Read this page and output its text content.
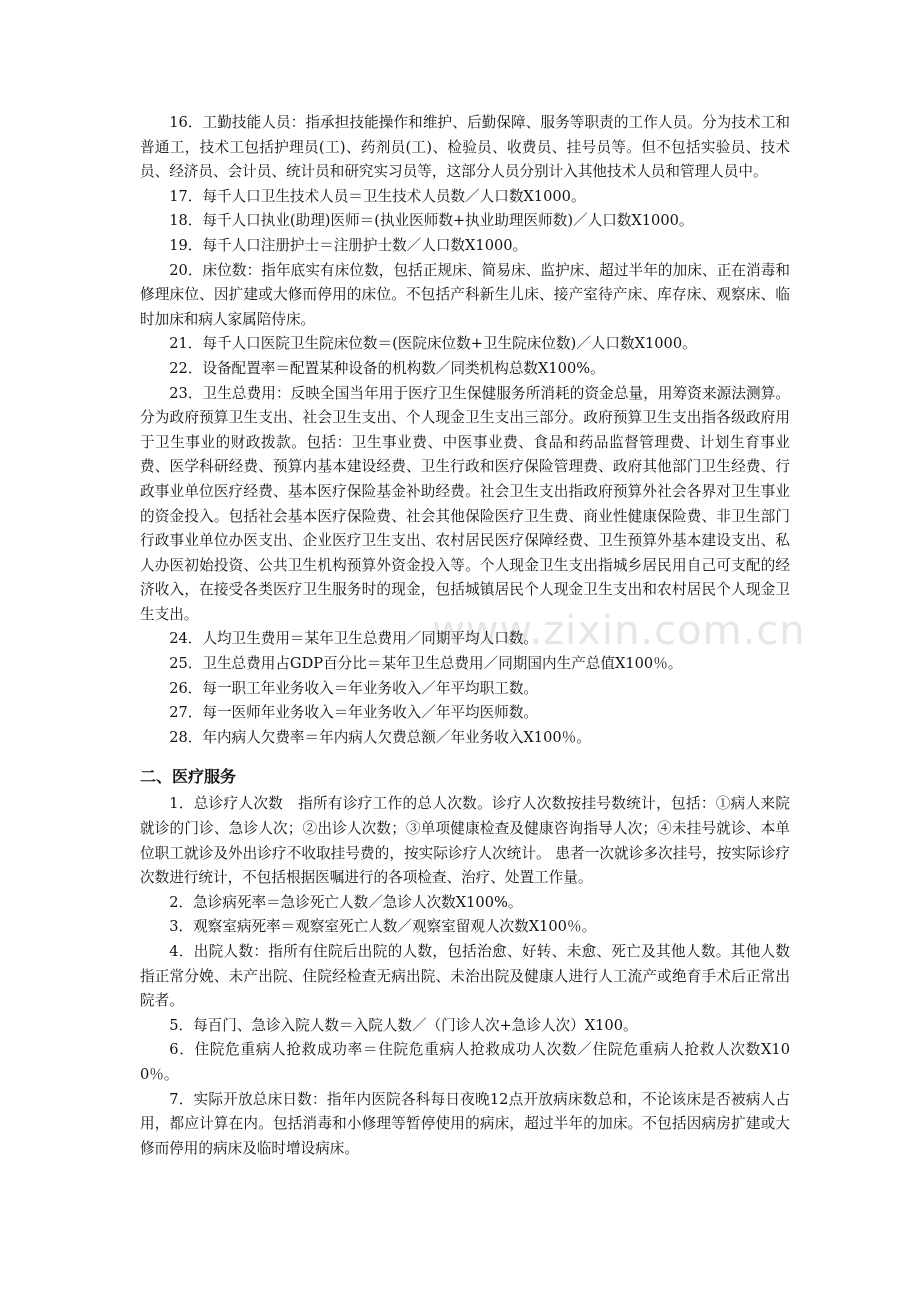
www.zixin.com.cn

16．工勤技能人员：指承担技能操作和维护、后勤保障、服务等职责的工作人员。分为技术工和普通工，技术工包括护理员(工)、药剂员(工)、检验员、收费员、挂号员等。但不包括实验员、技术员、经济员、会计员、统计员和研究实习员等，这部分人员分别计入其他技术人员和管理人员中。

17．每千人口卫生技术人员＝卫生技术人员数／人口数X1000。

18．每千人口执业(助理)医师＝(执业医师数+执业助理医师数)／人口数X1000。

19．每千人口注册护士＝注册护士数／人口数X1000。

20．床位数：指年底实有床位数，包括正规床、简易床、监护床、超过半年的加床、正在消毒和修理床位、因扩建或大修而停用的床位。不包括产科新生儿床、接产室待产床、库存床、观察床、临时加床和病人家属陪侍床。

21．每千人口医院卫生院床位数＝(医院床位数+卫生院床位数)／人口数X1000。

22．设备配置率＝配置某种设备的机构数／同类机构总数X100%。

23．卫生总费用：反映全国当年用于医疗卫生保健服务所消耗的资金总量，用筹资来源法测算。分为政府预算卫生支出、社会卫生支出、个人现金卫生支出三部分。政府预算卫生支出指各级政府用于卫生事业的财政拨款。包括：卫生事业费、中医事业费、食品和药品监督管理费、计划生育事业费、医学科研经费、预算内基本建设经费、卫生行政和医疗保险管理费、政府其他部门卫生经费、行政事业单位医疗经费、基本医疗保险基金补助经费。社会卫生支出指政府预算外社会各界对卫生事业的资金投入。包括社会基本医疗保险费、社会其他保险医疗卫生费、商业性健康保险费、非卫生部门行政事业单位办医支出、企业医疗卫生支出、农村居民医疗保障经费、卫生预算外基本建设支出、私人办医初始投资、公共卫生机构预算外资金投入等。个人现金卫生支出指城乡居民用自己可支配的经济收入，在接受各类医疗卫生服务时的现金，包括城镇居民个人现金卫生支出和农村居民个人现金卫生支出。

24．人均卫生费用＝某年卫生总费用／同期平均人口数。

25．卫生总费用占GDP百分比＝某年卫生总费用／同期国内生产总值X100％。

26．每一职工年业务收入＝年业务收入／年平均职工数。

27．每一医师年业务收入＝年业务收入／年平均医师数。

28．年内病人欠费率＝年内病人欠费总额／年业务收入X100％。

二、医疗服务

1．总诊疗人次数　指所有诊疗工作的总人次数。诊疗人次数按挂号数统计，包括：①病人来院就诊的门诊、急诊人次；②出诊人次数；③单项健康检查及健康咨询指导人次；④未挂号就诊、本单位职工就诊及外出诊疗不收取挂号费的，按实际诊疗人次统计。 患者一次就诊多次挂号，按实际诊疗次数进行统计，不包括根据医嘱进行的各项检查、治疗、处置工作量。

2．急诊病死率＝急诊死亡人数／急诊人次数X100%。

3．观察室病死率＝观察室死亡人数／观察室留观人次数X100％。

4．出院人数：指所有住院后出院的人数，包括治愈、好转、未愈、死亡及其他人数。其他人数指正常分娩、未产出院、住院经检查无病出院、未治出院及健康人进行人工流产或绝育手术后正常出院者。

5．每百门、急诊入院人数＝入院人数／（门诊人次+急诊人次）X100。

6．住院危重病人抢救成功率＝住院危重病人抢救成功人次数／住院危重病人抢救人次数X100％。

7．实际开放总床日数：指年内医院各科每日夜晚12点开放病床数总和，不论该床是否被病人占用，都应计算在内。包括消毒和小修理等暂停使用的病床，超过半年的加床。不包括因病房扩建或大修而停用的病床及临时增设病床。
